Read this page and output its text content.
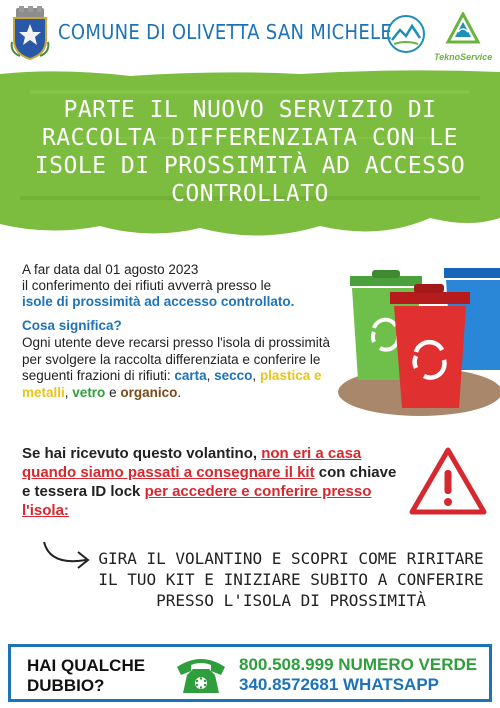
COMUNE DI OLIVETTA SAN MICHELE
TeknoService
PARTE IL NUOVO SERVIZIO DI RACCOLTA DIFFERENZIATA CON LE ISOLE DI PROSSIMITÀ AD ACCESSO CONTROLLATO
A far data dal 01 agosto 2023
il conferimento dei rifiuti avverrà presso le
isole di prossimità ad accesso controllato.
Cosa significa?
Ogni utente deve recarsi presso l'isola di prossimità per svolgere la raccolta differenziata e conferire le seguenti frazioni di rifiuti: carta, secco, plastica e metalli, vetro e organico.
Se hai ricevuto questo volantino, non eri a casa quando siamo passati a consegnare il kit con chiave e tessera ID lock per accedere e conferire presso l'isola:
GIRA IL VOLANTINO E SCOPRI COME RIRITARE IL TUO KIT E INIZIARE SUBITO A CONFERIRE PRESSO L'ISOLA DI PROSSIMITÀ
HAI QUALCHE DUBBIO?
800.508.999 NUMERO VERDE
340.8572681 WHATSAPP
